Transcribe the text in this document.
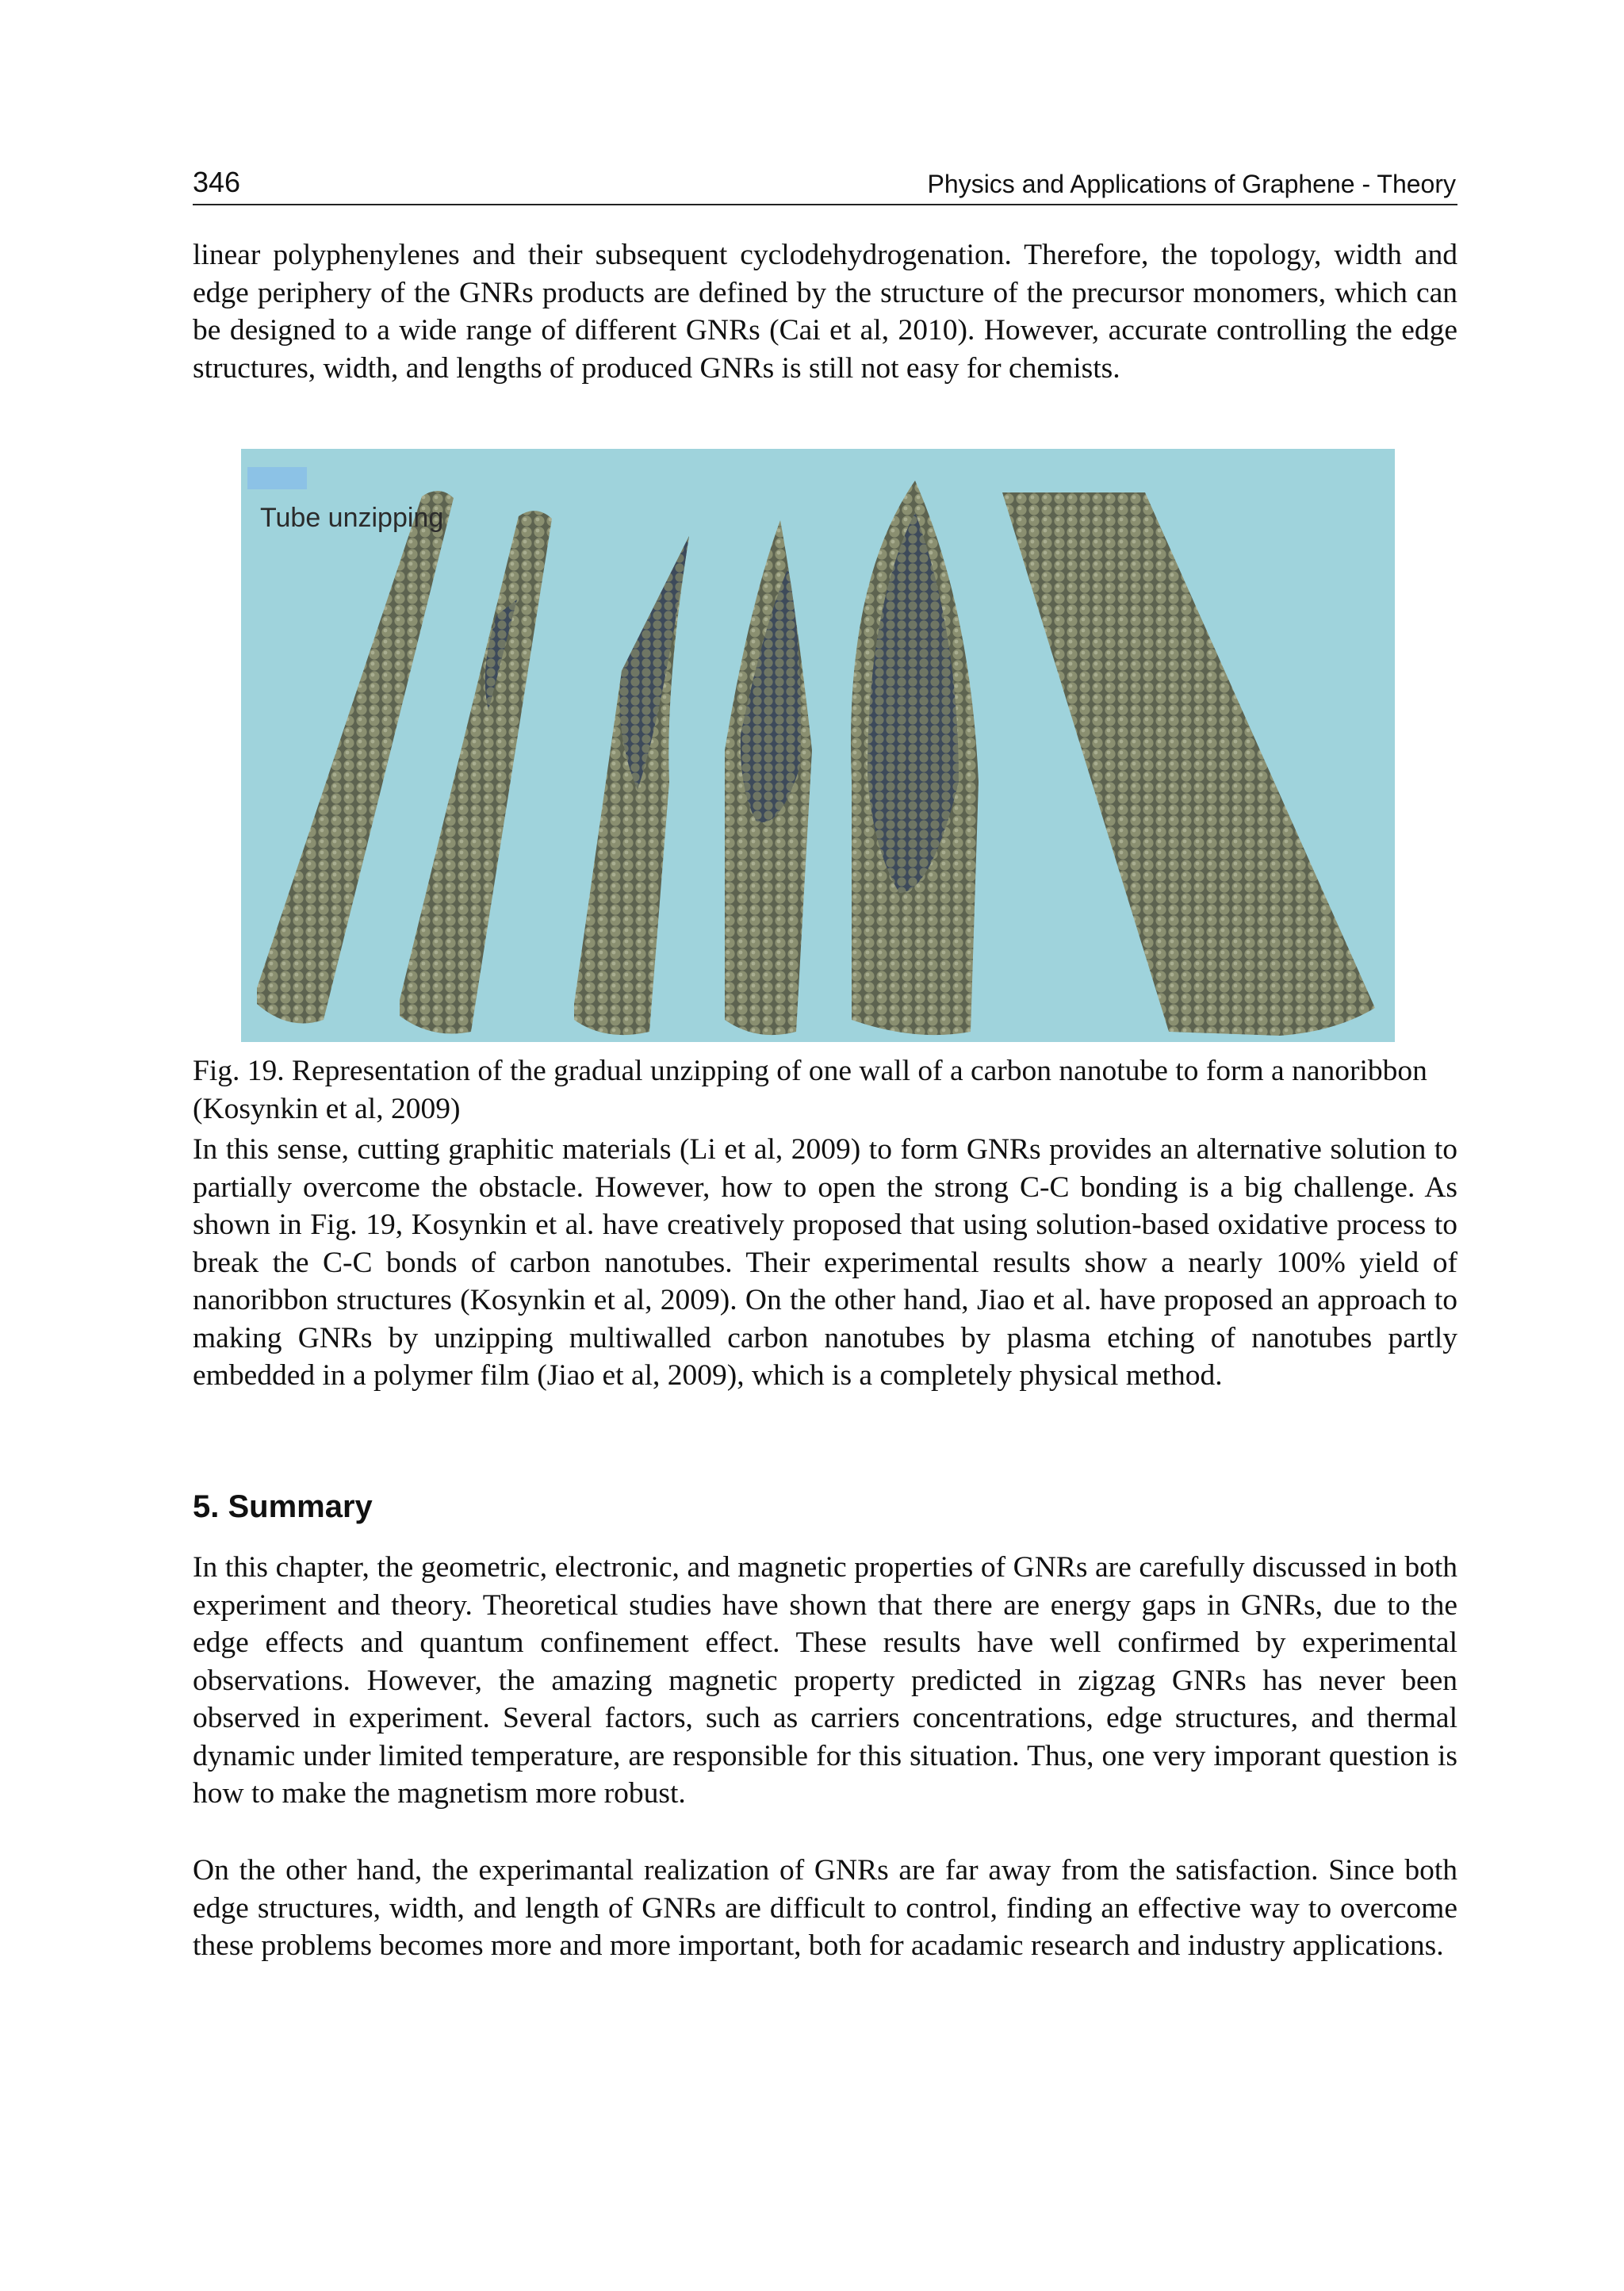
346	Physics and Applications of Graphene - Theory

linear polyphenylenes and their subsequent cyclodehydrogenation. Therefore, the topology, width and edge periphery of the GNRs products are defined by the structure of the precursor monomers, which can be designed to a wide range of different GNRs (Cai et al, 2010). However, accurate controlling the edge structures, width, and lengths of produced GNRs is still not easy for chemists.

Tube unzipping

Fig. 19. Representation of the gradual unzipping of one wall of a carbon nanotube to form a nanoribbon (Kosynkin et al, 2009)

In this sense, cutting graphitic materials (Li et al, 2009) to form GNRs provides an alternative solution to partially overcome the obstacle. However, how to open the strong C-C bonding is a big challenge. As shown in Fig. 19, Kosynkin et al. have creatively proposed that using solution-based oxidative process to break the C-C bonds of carbon nanotubes. Their experimental results show a nearly 100% yield of nanoribbon structures (Kosynkin et al, 2009). On the other hand, Jiao et al. have proposed an approach to making GNRs by unzipping multiwalled carbon nanotubes by plasma etching of nanotubes partly embedded in a polymer film (Jiao et al, 2009), which is a completely physical method.

5. Summary

In this chapter, the geometric, electronic, and magnetic properties of GNRs are carefully discussed in both experiment and theory. Theoretical studies have shown that there are energy gaps in GNRs, due to the edge effects and quantum confinement effect. These results have well confirmed by experimental observations. However, the amazing magnetic property predicted in zigzag GNRs has never been observed in experiment. Several factors, such as carriers concentrations, edge structures, and thermal dynamic under limited temperature, are responsible for this situation. Thus, one very imporant question is how to make the magnetism more robust.

On the other hand, the experimantal realization of GNRs are far away from the satisfaction. Since both edge structures, width, and length of GNRs are difficult to control, finding an effective way to overcome these problems becomes more and more important, both for acadamic research and industry applications.
